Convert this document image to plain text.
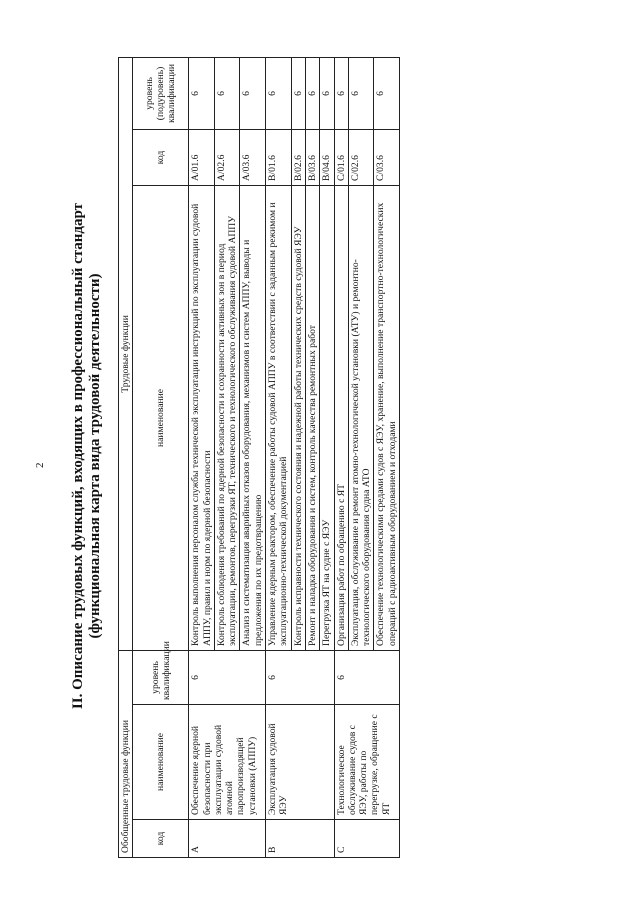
2 II. Описание трудовых функций, входящих в профессиональный стандарт (функциональная карта вида трудовой деятельности)
Обобщенные трудовые функции			Трудовые функции		
код	наименование	уровень квалификации	наименование	код	уровень (подуровень) квалификации
A	Обеспечение ядерной безопасности при эксплуатации судовой атомной паропроизводящей установки (АППУ)	6	Контроль выполнения персоналом службы технической эксплуатации инструкций по эксплуатации судовой АППУ, правил и норм по ядерной безопасности	A/01.6	6
			Контроль соблюдения требований по ядерной безопасности и сохранности активных зон в период эксплуатации, ремонтов, перегрузки ЯТ, технического и технологического обслуживания судовой АППУ	A/02.6	6
			Анализ и систематизация аварийных отказов оборудования, механизмов и систем АППУ, выводы и предложения по их предотвращению	A/03.6	6
B	Эксплуатация судовой ЯЭУ	6	Управление ядерным реактором, обеспечение работы судовой АППУ в соответствии с заданным режимом и эксплуатационно-технической документацией	B/01.6	6
			Контроль исправности технического состояния и надежной работы технических средств судовой ЯЭУ	B/02.6	6
			Ремонт и наладка оборудования и систем, контроль качества ремонтных работ	B/03.6	6
			Перегрузка ЯТ на судне с ЯЭУ	B/04.6	6
C	Технологическое обслуживание судов с ЯЭУ, работы по перегрузке, обращение с ЯТ	6	Организация работ по обращению с ЯТ	C/01.6	6
			Эксплуатация, обслуживание и ремонт атомно-технологической установки (АТУ) и ремонтно-технологического оборудования судна АТО	C/02.6	6
			Обеспечение технологическими средами судов с ЯЭУ, хранение, выполнение транспортно-технологических операций с радиоактивным оборудованием и отходами	C/03.6	6
